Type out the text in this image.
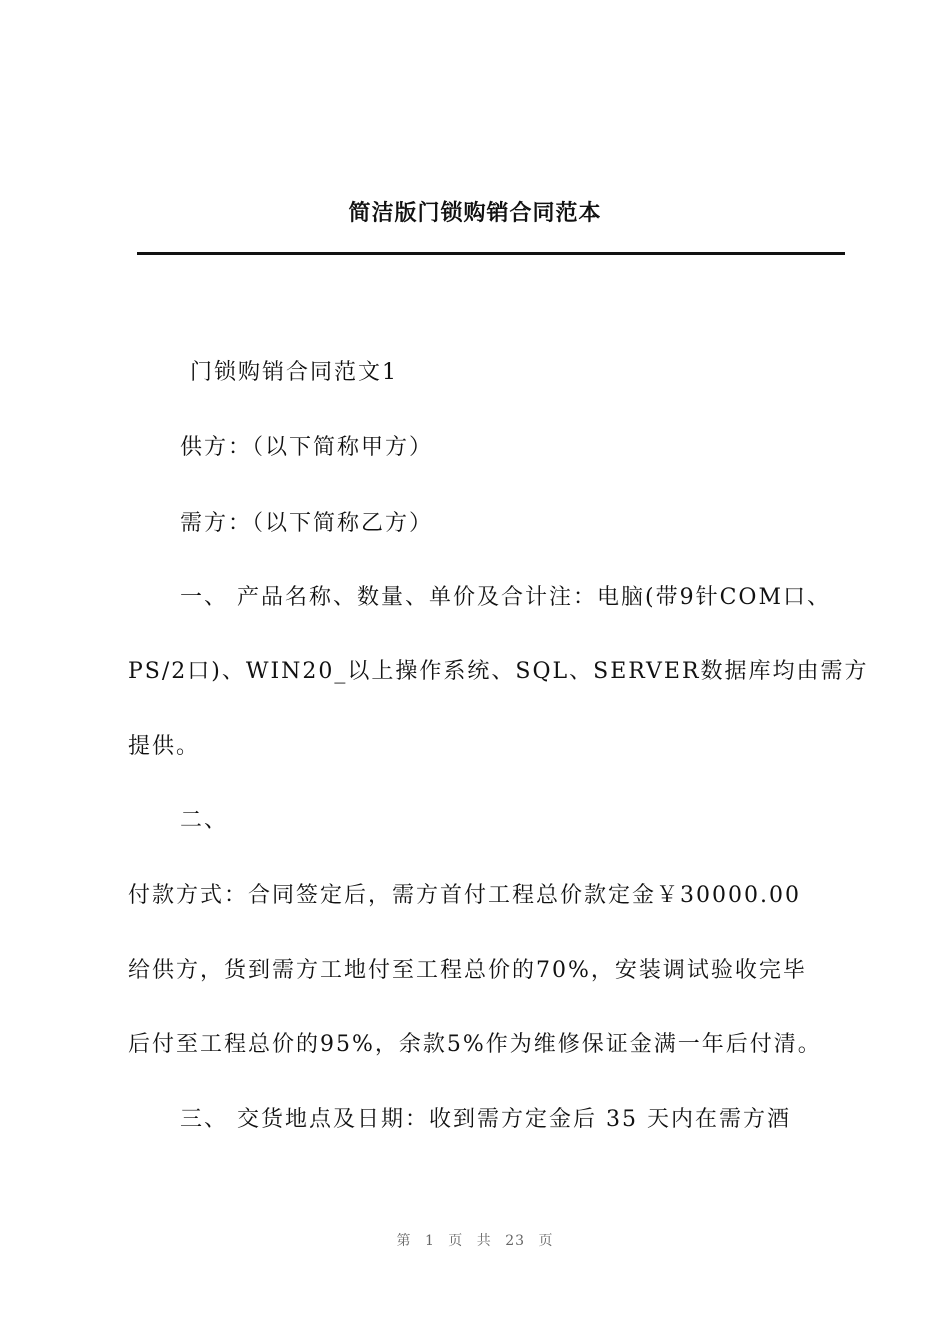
简洁版门锁购销合同范本

门锁购销合同范文1

供方：（以下简称甲方）

需方：（以下简称乙方）

一、 产品名称、数量、单价及合计注：电脑(带9针COM口、
PS/2口)、WIN20_以上操作系统、SQL、SERVER数据库均由需方
提供。

二、
付款方式：合同签定后，需方首付工程总价款定金￥30000.00
给供方，货到需方工地付至工程总价的70%，安装调试验收完毕
后付至工程总价的95%，余款5%作为维修保证金满一年后付清。

三、 交货地点及日期：收到需方定金后 35 天内在需方酒

第 1 页 共 23 页
